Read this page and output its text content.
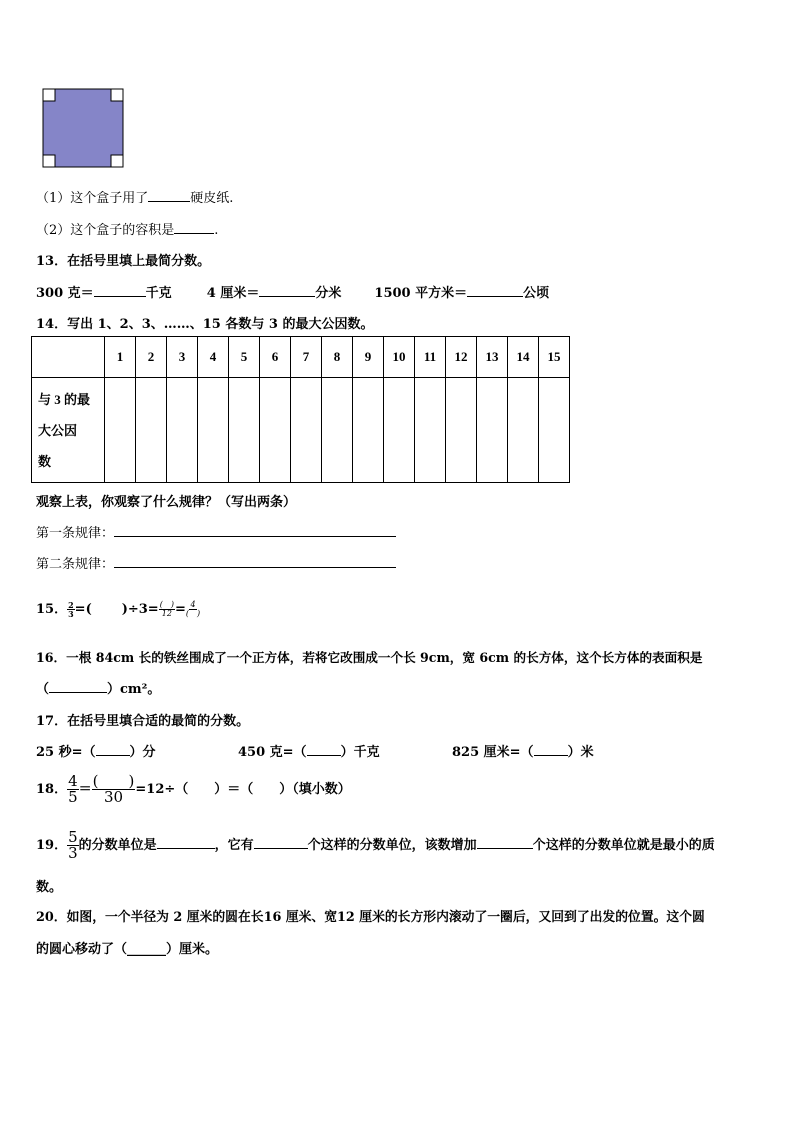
（1）这个盒子用了	硬皮纸.
（2）这个盒子的容积是	.
13．在括号里填上最简分数。
300 克＝	千克	4 厘米＝	分米	1500 平方米＝	公顷
14．写出 1、2、3、……、15 各数与 3 的最大公因数。
	1	2	3	4	5	6	7	8	9	10	11	12	13	14	15

与 3 的最
大公因
数															

观察上表，你观察了什么规律？（写出两条）
第一条规律：
第二条规律：
15． $\frac{2}{3}$ =( )$\div 3= \frac{( )}{12} = \frac{4}{( )}$
16．一根 84cm 长的铁丝围成了一个正方体，若将它改围成一个长 9cm，宽 6cm 的长方体，这个长方体的表面积是
（	）cm²。
17．在括号里填合适的最简的分数。
25 秒=（	）分	450 克=（	）千克	825 厘米=（	）米
18． $\frac{4}{5} = \frac{( )}{30} =12\div$（　　）＝（　　）（填小数）
19． $\frac{5}{3}$ 的分数单位是	，它有	个这样的分数单位，该数增加	个这样的分数单位就是最小的质
数。
20．如图，一个半径为 2 厘米的圆在长16 厘米、宽12 厘米的长方形内滚动了一圈后，又回到了出发的位置。这个圆
的圆心移动了（______）厘米。
